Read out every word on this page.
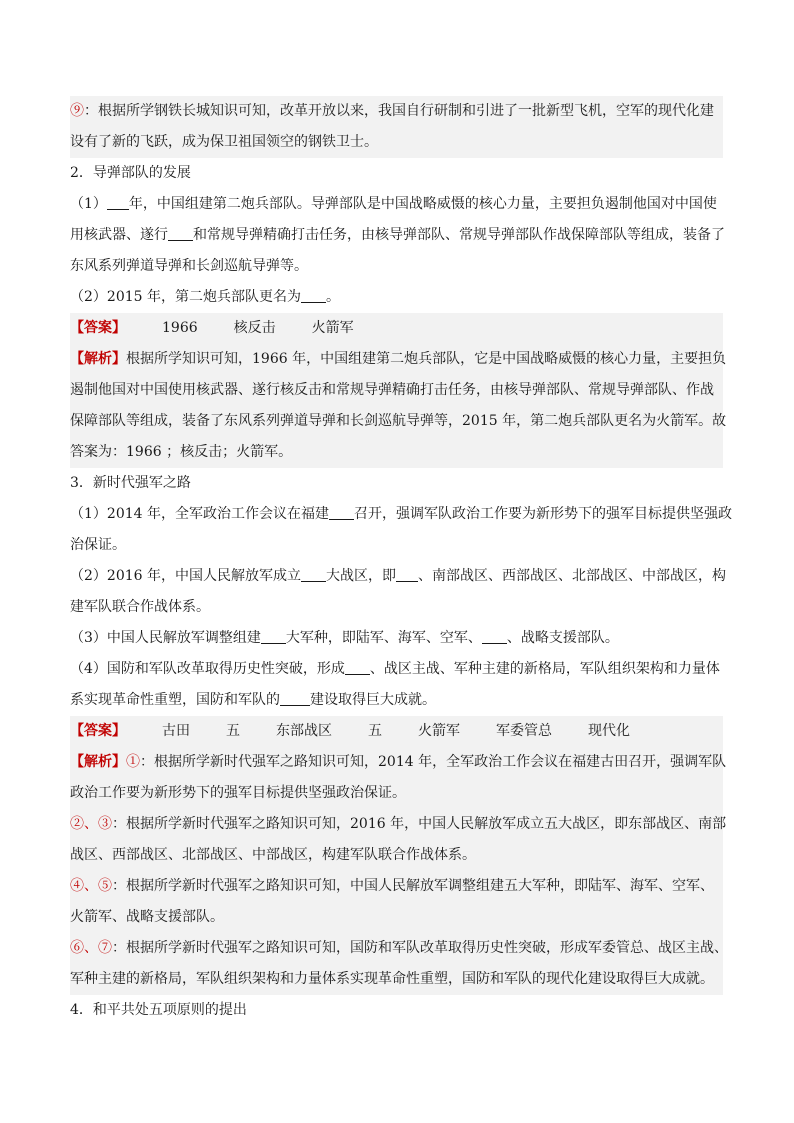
⑨：根据所学钢铁长城知识可知，改革开放以来，我国自行研制和引进了一批新型飞机，空军的现代化建
设有了新的飞跃，成为保卫祖国领空的钢铁卫士。
2．导弹部队的发展
（1） 年，中国组建第二炮兵部队。导弹部队是中国战略威慑的核心力量，主要担负遏制他国对中国使
用核武器、遂行 和常规导弹精确打击任务，由核导弹部队、常规导弹部队作战保障部队等组成，装备了
东风系列弹道导弹和长剑巡航导弹等。
（2）2015 年，第二炮兵部队更名为 。
【答案】	1966	核反击	火箭军
【解析】根据所学知识可知，1966 年，中国组建第二炮兵部队，它是中国战略威慑的核心力量，主要担负
遏制他国对中国使用核武器、遂行核反击和常规导弹精确打击任务，由核导弹部队、常规导弹部队、作战
保障部队等组成，装备了东风系列弹道导弹和长剑巡航导弹等，2015 年，第二炮兵部队更名为火箭军。故
答案为：1966 ；核反击；火箭军。
3．新时代强军之路
（1）2014 年，全军政治工作会议在福建 召开，强调军队政治工作要为新形势下的强军目标提供坚强政
治保证。
（2）2016 年，中国人民解放军成立 大战区，即 、南部战区、西部战区、北部战区、中部战区，构
建军队联合作战体系。
（3）中国人民解放军调整组建 大军种，即陆军、海军、空军、 、战略支援部队。
（4）国防和军队改革取得历史性突破，形成 、战区主战、军种主建的新格局，军队组织架构和力量体
系实现革命性重塑，国防和军队的 建设取得巨大成就。
【答案】	古田	五	东部战区	五	火箭军	军委管总	现代化
【解析】①：根据所学新时代强军之路知识可知，2014 年，全军政治工作会议在福建古田召开，强调军队
政治工作要为新形势下的强军目标提供坚强政治保证。
②、③：根据所学新时代强军之路知识可知，2016 年，中国人民解放军成立五大战区，即东部战区、南部
战区、西部战区、北部战区、中部战区，构建军队联合作战体系。
④、⑤：根据所学新时代强军之路知识可知，中国人民解放军调整组建五大军种，即陆军、海军、空军、
火箭军、战略支援部队。
⑥、⑦：根据所学新时代强军之路知识可知，国防和军队改革取得历史性突破，形成军委管总、战区主战、
军种主建的新格局，军队组织架构和力量体系实现革命性重塑，国防和军队的现代化建设取得巨大成就。
4．和平共处五项原则的提出
